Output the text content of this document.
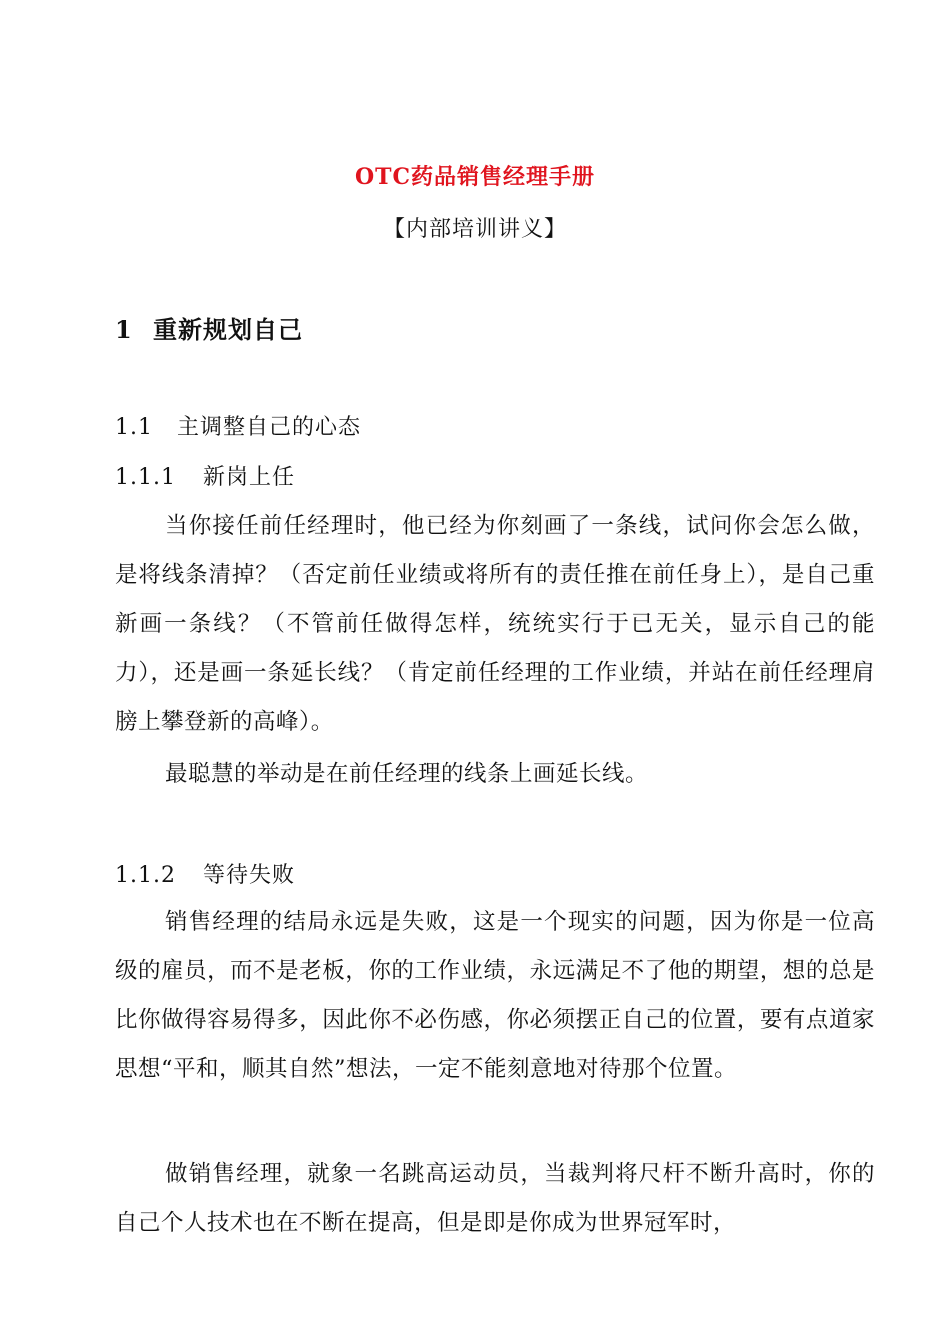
OTC药品销售经理手册
【内部培训讲义】
1 重新规划自己
1.1 主调整自己的心态
1.1.1 新岗上任

当你接任前任经理时，他已经为你刻画了一条线，试问你会怎么做，是将线条清掉？（否定前任业绩或将所有的责任推在前任身上），是自己重新画一条线？（不管前任做得怎样，统统实行于已无关，显示自己的能力），还是画一条延长线？（肯定前任经理的工作业绩，并站在前任经理肩膀上攀登新的高峰）。

最聪慧的举动是在前任经理的线条上画延长线。

1.1.2 等待失败

销售经理的结局永远是失败，这是一个现实的问题，因为你是一位高级的雇员，而不是老板，你的工作业绩，永远满足不了他的期望，想的总是比你做得容易得多，因此你不必伤感，你必须摆正自己的位置，要有点道家思想“平和，顺其自然”想法，一定不能刻意地对待那个位置。

做销售经理，就象一名跳高运动员，当裁判将尺杆不断升高时，你的自己个人技术也在不断在提高，但是即是你成为世界冠军时，
